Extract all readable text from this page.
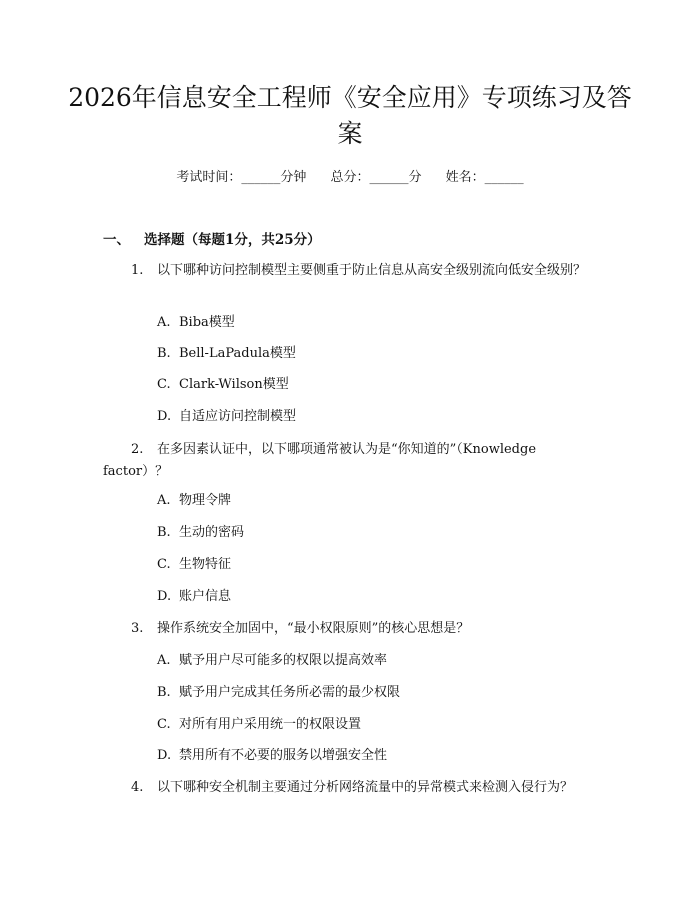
2026年信息安全工程师《安全应用》专项练习及答案
考试时间：______分钟 总分：______分 姓名：______
一、 选择题（每题1分，共25分）
1. 以下哪种访问控制模型主要侧重于防止信息从高安全级别流向低安全级别？
A. Biba模型
B. Bell-LaPadula模型
C. Clark-Wilson模型
D. 自适应访问控制模型
2. 在多因素认证中，以下哪项通常被认为是“你知道的”（Knowledge factor）？
A. 物理令牌
B. 生动的密码
C. 生物特征
D. 账户信息
3. 操作系统安全加固中，“最小权限原则”的核心思想是？
A. 赋予用户尽可能多的权限以提高效率
B. 赋予用户完成其任务所必需的最少权限
C. 对所有用户采用统一的权限设置
D. 禁用所有不必要的服务以增强安全性
4. 以下哪种安全机制主要通过分析网络流量中的异常模式来检测入侵行为？
